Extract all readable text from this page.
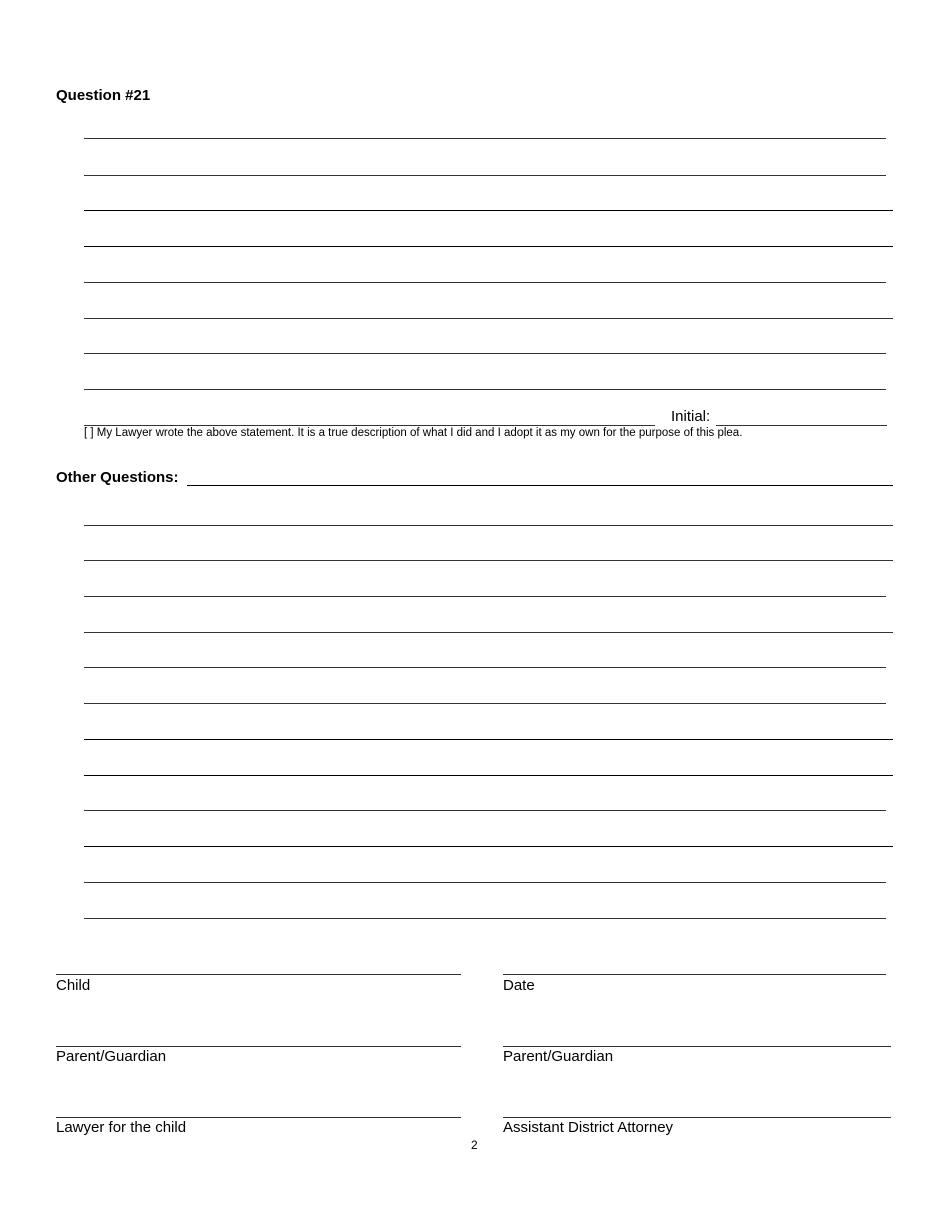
Question #21
Initial:
[ ] My Lawyer wrote the above statement. It is a true description of what I did and I adopt it as my own for the purpose of this plea.
Other Questions:
Child	Date
Parent/Guardian	Parent/Guardian
Lawyer for the child	Assistant District Attorney
2
